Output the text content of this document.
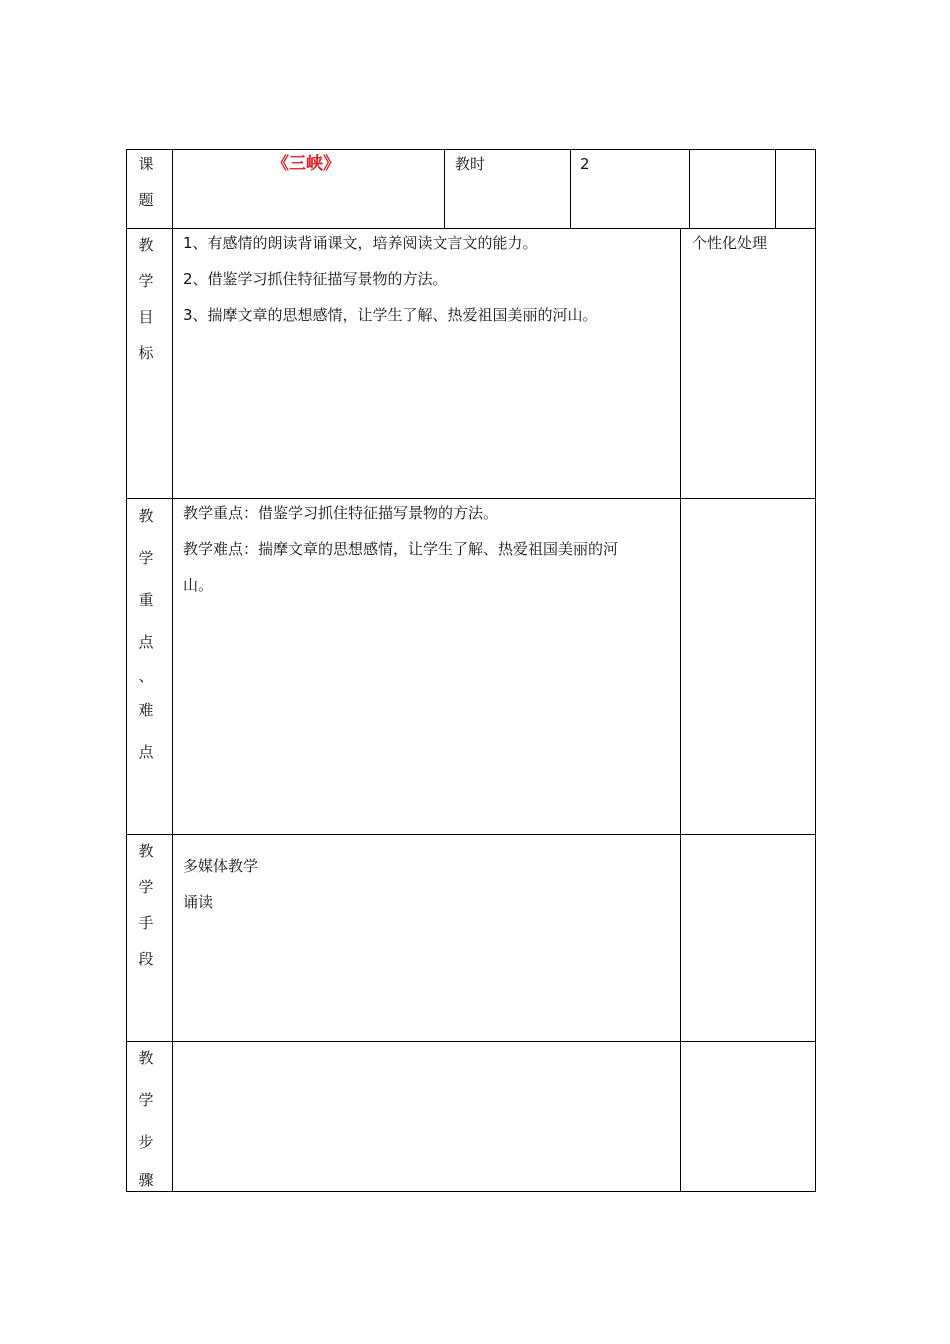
课
题
《三峡》	教时	2
教
学
目
标

1、有感情的朗读背诵课文，培养阅读文言文的能力。

2、借鉴学习抓住特征描写景物的方法。

3、揣摩文章的思想感情，让学生了解、热爱祖国美丽的河山。

个性化处理
教
学
重
点
、
难
点

教学重点：借鉴学习抓住特征描写景物的方法。

教学难点：揣摩文章的思想感情，让学生了解、热爱祖国美丽的河

山。

教
学
手
段

多媒体教学

诵读

教
学
步
骤
